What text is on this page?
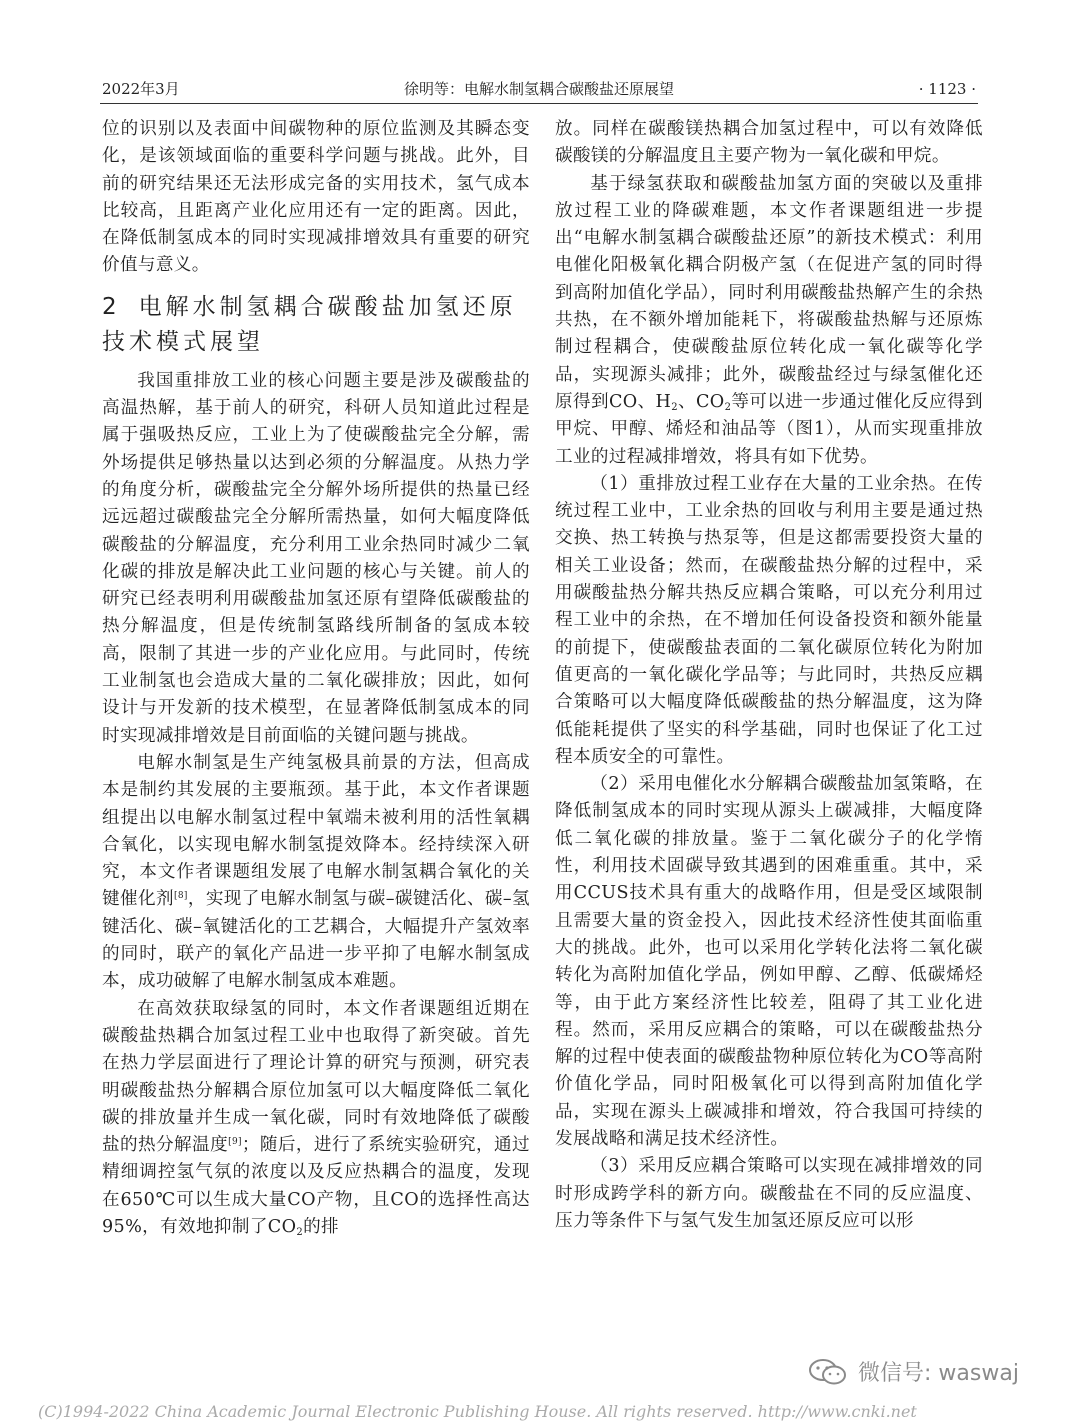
2022年3月	徐明等：电解水制氢耦合碳酸盐还原展望	· 1123 ·

位的识别以及表面中间碳物种的原位监测及其瞬态变化，是该领域面临的重要科学问题与挑战。此外，目前的研究结果还无法形成完备的实用技术，氢气成本比较高，且距离产业化应用还有一定的距离。因此，在降低制氢成本的同时实现减排增效具有重要的研究价值与意义。

2 电解水制氢耦合碳酸盐加氢还原技术模式展望

我国重排放工业的核心问题主要是涉及碳酸盐的高温热解，基于前人的研究，科研人员知道此过程是属于强吸热反应，工业上为了使碳酸盐完全分解，需外场提供足够热量以达到必须的分解温度。从热力学的角度分析，碳酸盐完全分解外场所提供的热量已经远远超过碳酸盐完全分解所需热量，如何大幅度降低碳酸盐的分解温度，充分利用工业余热同时减少二氧化碳的排放是解决此工业问题的核心与关键。前人的研究已经表明利用碳酸盐加氢还原有望降低碳酸盐的热分解温度，但是传统制氢路线所制备的氢成本较高，限制了其进一步的产业化应用。与此同时，传统工业制氢也会造成大量的二氧化碳排放；因此，如何设计与开发新的技术模型，在显著降低制氢成本的同时实现减排增效是目前面临的关键问题与挑战。

电解水制氢是生产纯氢极具前景的方法，但高成本是制约其发展的主要瓶颈。基于此，本文作者课题组提出以电解水制氢过程中氧端未被利用的活性氧耦合氧化，以实现电解水制氢提效降本。经持续深入研究，本文作者课题组发展了电解水制氢耦合氧化的关键催化剂[8]，实现了电解水制氢与碳–碳键活化、碳–氢键活化、碳–氧键活化的工艺耦合，大幅提升产氢效率的同时，联产的氧化产品进一步平抑了电解水制氢成本，成功破解了电解水制氢成本难题。

在高效获取绿氢的同时，本文作者课题组近期在碳酸盐热耦合加氢过程工业中也取得了新突破。首先在热力学层面进行了理论计算的研究与预测，研究表明碳酸盐热分解耦合原位加氢可以大幅度降低二氧化碳的排放量并生成一氧化碳，同时有效地降低了碳酸盐的热分解温度[9]；随后，进行了系统实验研究，通过精细调控氢气氛的浓度以及反应热耦合的温度，发现在650℃可以生成大量CO产物，且CO的选择性高达95%，有效地抑制了$CO_2$的排

放。同样在碳酸镁热耦合加氢过程中，可以有效降低碳酸镁的分解温度且主要产物为一氧化碳和甲烷。

基于绿氢获取和碳酸盐加氢方面的突破以及重排放过程工业的降碳难题，本文作者课题组进一步提出“电解水制氢耦合碳酸盐还原”的新技术模式：利用电催化阳极氧化耦合阴极产氢（在促进产氢的同时得到高附加值化学品），同时利用碳酸盐热解产生的余热共热，在不额外增加能耗下，将碳酸盐热解与还原炼制过程耦合，使碳酸盐原位转化成一氧化碳等化学品，实现源头减排；此外，碳酸盐经过与绿氢催化还原得到CO、$H_2$、$CO_2$等可以进一步通过催化反应得到甲烷、甲醇、烯烃和油品等（图1），从而实现重排放工业的过程减排增效，将具有如下优势。

（1）重排放过程工业存在大量的工业余热。在传统过程工业中，工业余热的回收与利用主要是通过热交换、热工转换与热泵等，但是这都需要投资大量的相关工业设备；然而，在碳酸盐热分解的过程中，采用碳酸盐热分解共热反应耦合策略，可以充分利用过程工业中的余热，在不增加任何设备投资和额外能量的前提下，使碳酸盐表面的二氧化碳原位转化为附加值更高的一氧化碳化学品等；与此同时，共热反应耦合策略可以大幅度降低碳酸盐的热分解温度，这为降低能耗提供了坚实的科学基础，同时也保证了化工过程本质安全的可靠性。

（2）采用电催化水分解耦合碳酸盐加氢策略，在降低制氢成本的同时实现从源头上碳减排，大幅度降低二氧化碳的排放量。鉴于二氧化碳分子的化学惰性，利用技术固碳导致其遇到的困难重重。其中，采用CCUS技术具有重大的战略作用，但是受区域限制且需要大量的资金投入，因此技术经济性使其面临重大的挑战。此外，也可以采用化学转化法将二氧化碳转化为高附加值化学品，例如甲醇、乙醇、低碳烯烃等，由于此方案经济性比较差，阻碍了其工业化进程。然而，采用反应耦合的策略，可以在碳酸盐热分解的过程中使表面的碳酸盐物种原位转化为CO等高附价值化学品，同时阳极氧化可以得到高附加值化学品，实现在源头上碳减排和增效，符合我国可持续的发展战略和满足技术经济性。

（3）采用反应耦合策略可以实现在减排增效的同时形成跨学科的新方向。碳酸盐在不同的反应温度、压力等条件下与氢气发生加氢还原反应可以形

微信号: waswaj
(C)1994-2022 China Academic Journal Electronic Publishing House. All rights reserved. http://www.cnki.net
